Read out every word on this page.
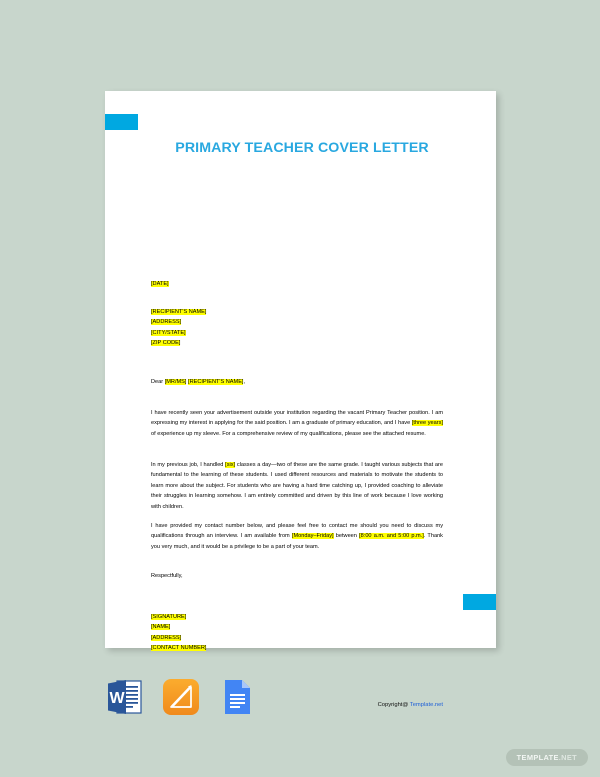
PRIMARY TEACHER COVER LETTER
[DATE]
[RECIPIENT'S NAME]
[ADDRESS]
[CITY/STATE]
[ZIP CODE]
Dear [MR/MS] [RECIPIENT'S NAME],
I have recently seen your advertisement outside your institution regarding the vacant Primary Teacher position. I am expressing my interest in applying for the said position. I am a graduate of primary education, and I have [three years] of experience up my sleeve. For a comprehensive review of my qualifications, please see the attached resume.
In my previous job, I handled [six] classes a day—two of these are the same grade. I taught various subjects that are fundamental to the learning of these students. I used different resources and materials to motivate the students to learn more about the subject. For students who are having a hard time catching up, I provided coaching to alleviate their struggles in learning somehow. I am entirely committed and driven by this line of work because I love working with children.
I have provided my contact number below, and please feel free to contact me should you need to discuss my qualifications through an interview. I am available from [Monday–Friday] between [8:00 a.m. and 5:00 p.m.]. Thank you very much, and it would be a privilege to be a part of your team.
Respectfully,
[SIGNATURE]
[NAME]
[ADDRESS]
[CONTACT NUMBER]
Copyright@ Template.net
W
TEMPLATE.NET
